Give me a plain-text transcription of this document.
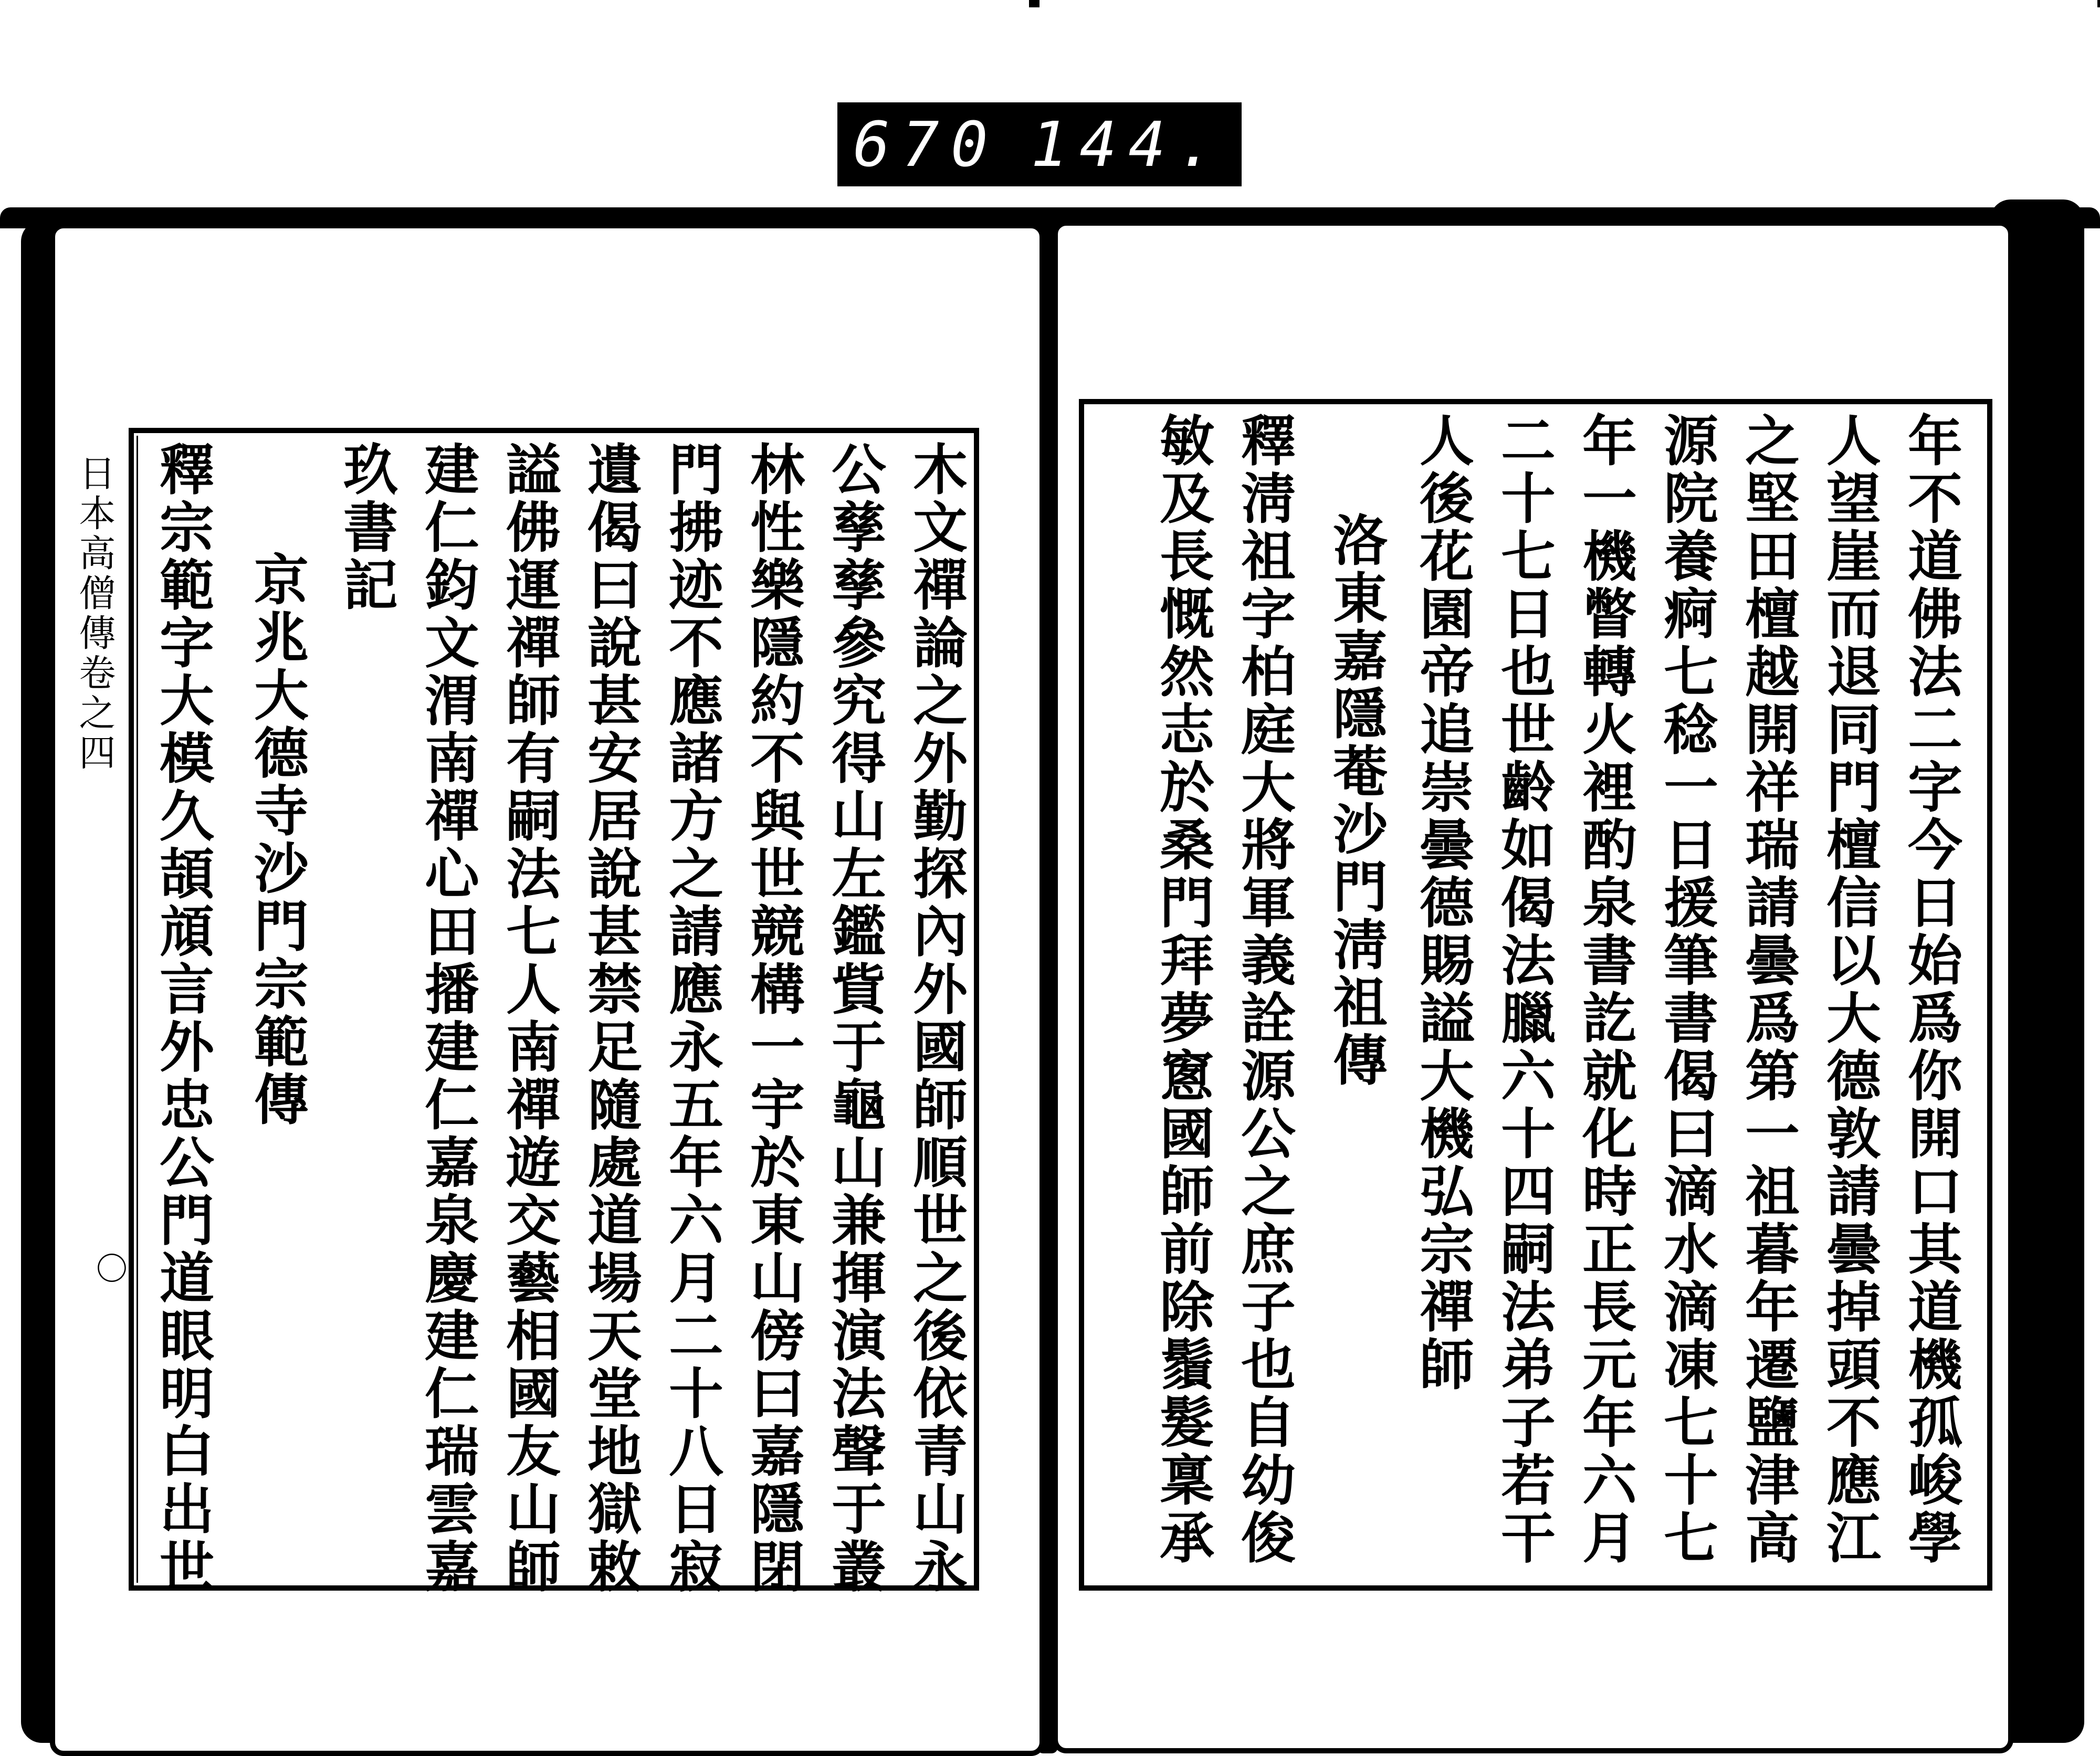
670 144.
木文禪論之外勤探內外國師順世之後依青山永
公孳孳參究得山左鑑貲于龜山兼揮演法聲于叢
林性樂隱約不與世競構一宇於東山傍曰嘉隱閉
門拂迹不應諸方之請應永五年六月二十八日寂
遺偈曰說甚安居說甚禁足隨處道場天堂地獄敕
謚佛運禪師有嗣法七人南禪遊交藝相國友山師
建仁鈞文渭南禪心田播建仁嘉泉慶建仁瑞雲嘉
玖書記
京兆大德寺沙門宗範傳
釋宗範字大模久頡頏言外忠公門道眼明白出世
日本高僧傳卷之四
〇	年不道佛法二字今日始爲你開口其道機孤峻學
人望崖而退同門檀信以大德敦請曇掉頭不應江
之堅田檀越開祥瑞請曇爲第一祖暮年遷鹽津高
源院養痾七稔一日援筆書偈曰滴水滴凍七十七
年一機瞥轉火裡酌泉書訖就化時正長元年六月
二十七日也世齡如偈法臘六十四嗣法弟子若干
人後花園帝追崇曇德賜謚大機弘宗禪師
洛東嘉隱菴沙門淸祖傳
釋淸祖字柏庭大將軍義詮源公之庶子也自幼俊
敏及長慨然志於桑門拜夢窻國師前除鬚髮稟承
